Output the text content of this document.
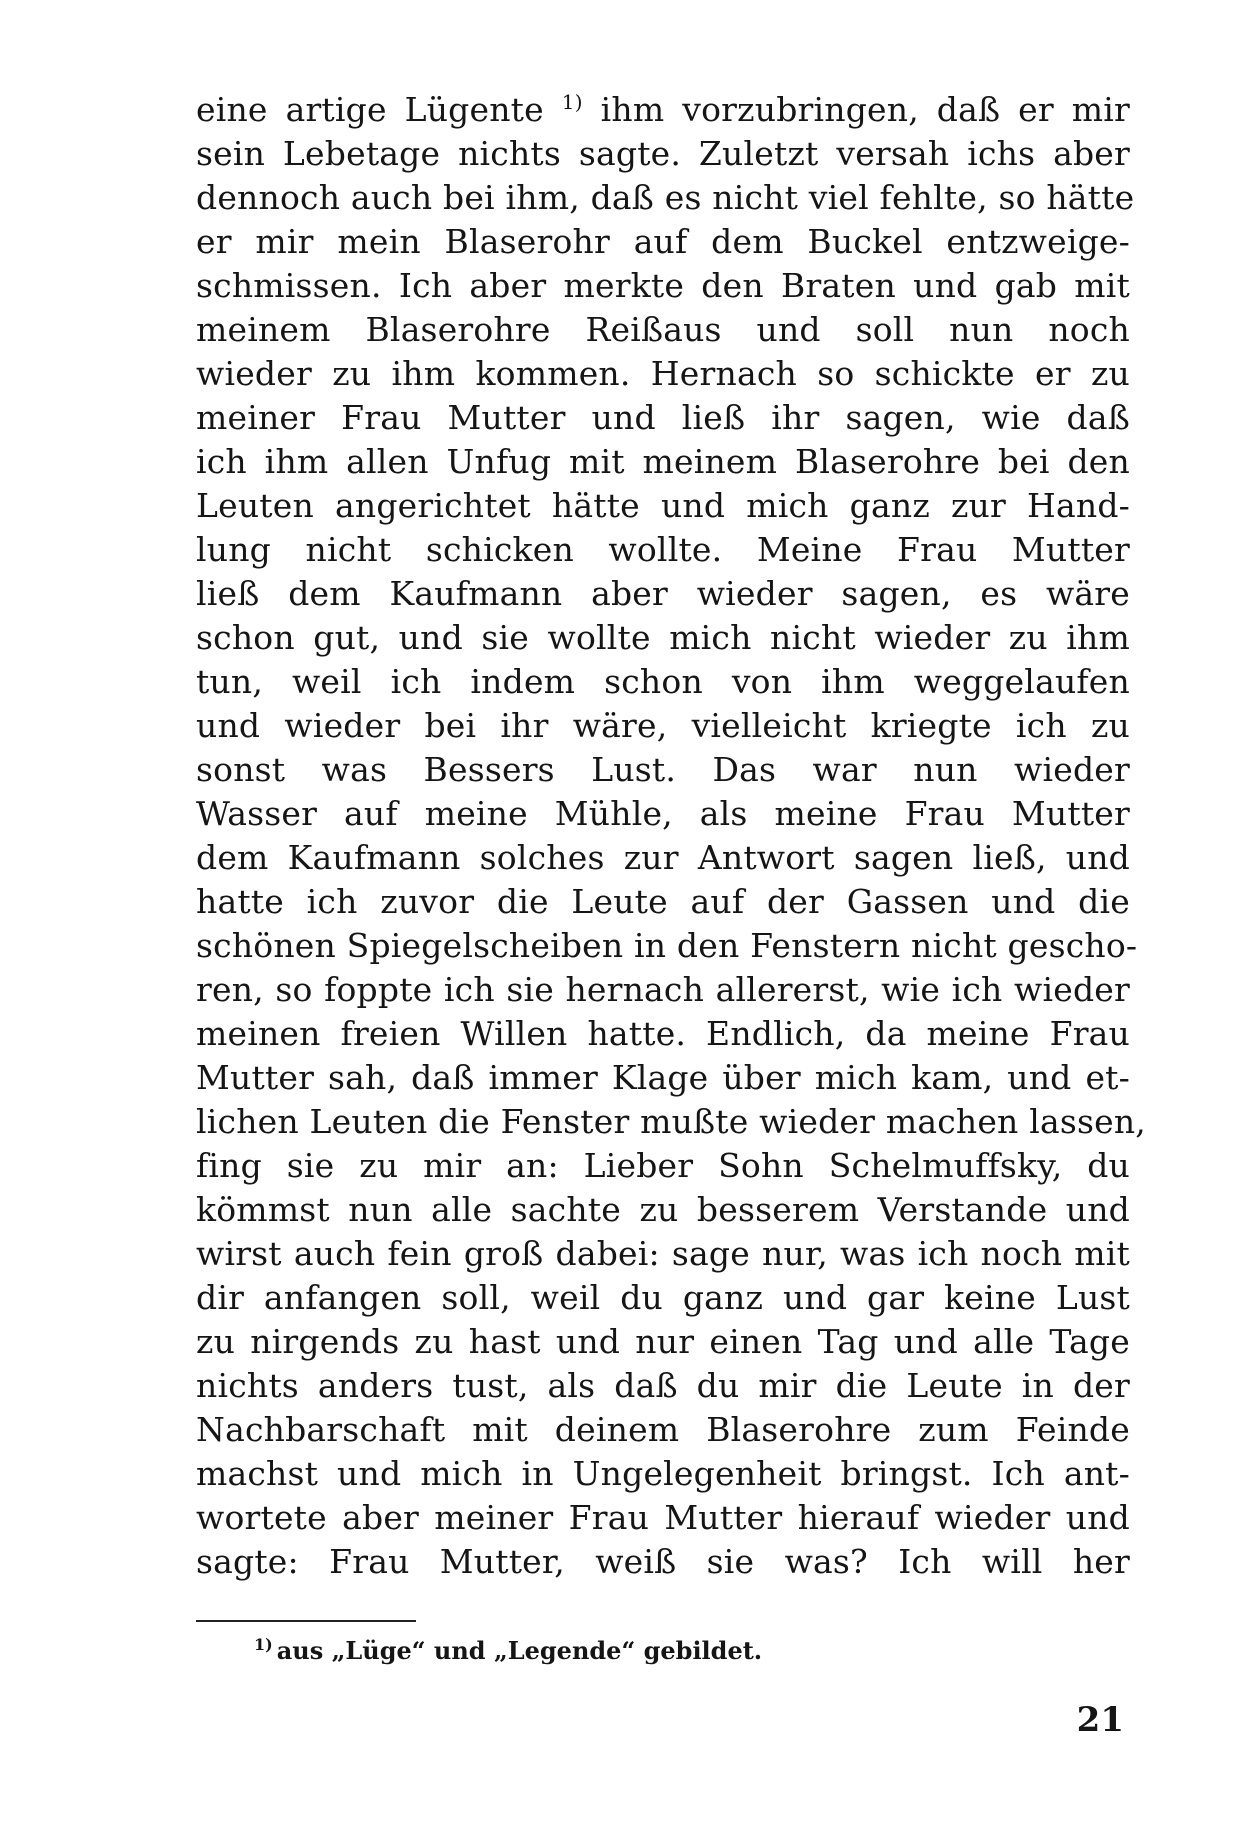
eine artige Lügente $^{1)}$ ihm vorzubringen, daß er mir
sein Lebetage nichts sagte. Zuletzt versah ichs aber
dennoch auch bei ihm, daß es nicht viel fehlte, so hätte
er mir mein Blaserohr auf dem Buckel entzweige-
schmissen. Ich aber merkte den Braten und gab mit
meinem Blaserohre Reißaus und soll nun noch
wieder zu ihm kommen. Hernach so schickte er zu
meiner Frau Mutter und ließ ihr sagen, wie daß
ich ihm allen Unfug mit meinem Blaserohre bei den
Leuten angerichtet hätte und mich ganz zur Hand-
lung nicht schicken wollte. Meine Frau Mutter
ließ dem Kaufmann aber wieder sagen, es wäre
schon gut, und sie wollte mich nicht wieder zu ihm
tun, weil ich indem schon von ihm weggelaufen
und wieder bei ihr wäre, vielleicht kriegte ich zu
sonst was Bessers Lust. Das war nun wieder
Wasser auf meine Mühle, als meine Frau Mutter
dem Kaufmann solches zur Antwort sagen ließ, und
hatte ich zuvor die Leute auf der Gassen und die
schönen Spiegelscheiben in den Fenstern nicht gescho-
ren, so foppte ich sie hernach allererst, wie ich wieder
meinen freien Willen hatte. Endlich, da meine Frau
Mutter sah, daß immer Klage über mich kam, und et-
lichen Leuten die Fenster mußte wieder machen lassen,
fing sie zu mir an: Lieber Sohn Schelmuffsky, du
kömmst nun alle sachte zu besserem Verstande und
wirst auch fein groß dabei: sage nur, was ich noch mit
dir anfangen soll, weil du ganz und gar keine Lust
zu nirgends zu hast und nur einen Tag und alle Tage
nichts anders tust, als daß du mir die Leute in der
Nachbarschaft mit deinem Blaserohre zum Feinde
machst und mich in Ungelegenheit bringst. Ich ant-
wortete aber meiner Frau Mutter hierauf wieder und
sagte: Frau Mutter, weiß sie was? Ich will her
$^{1)}$ aus „Lüge“ und „Legende“ gebildet.
21
